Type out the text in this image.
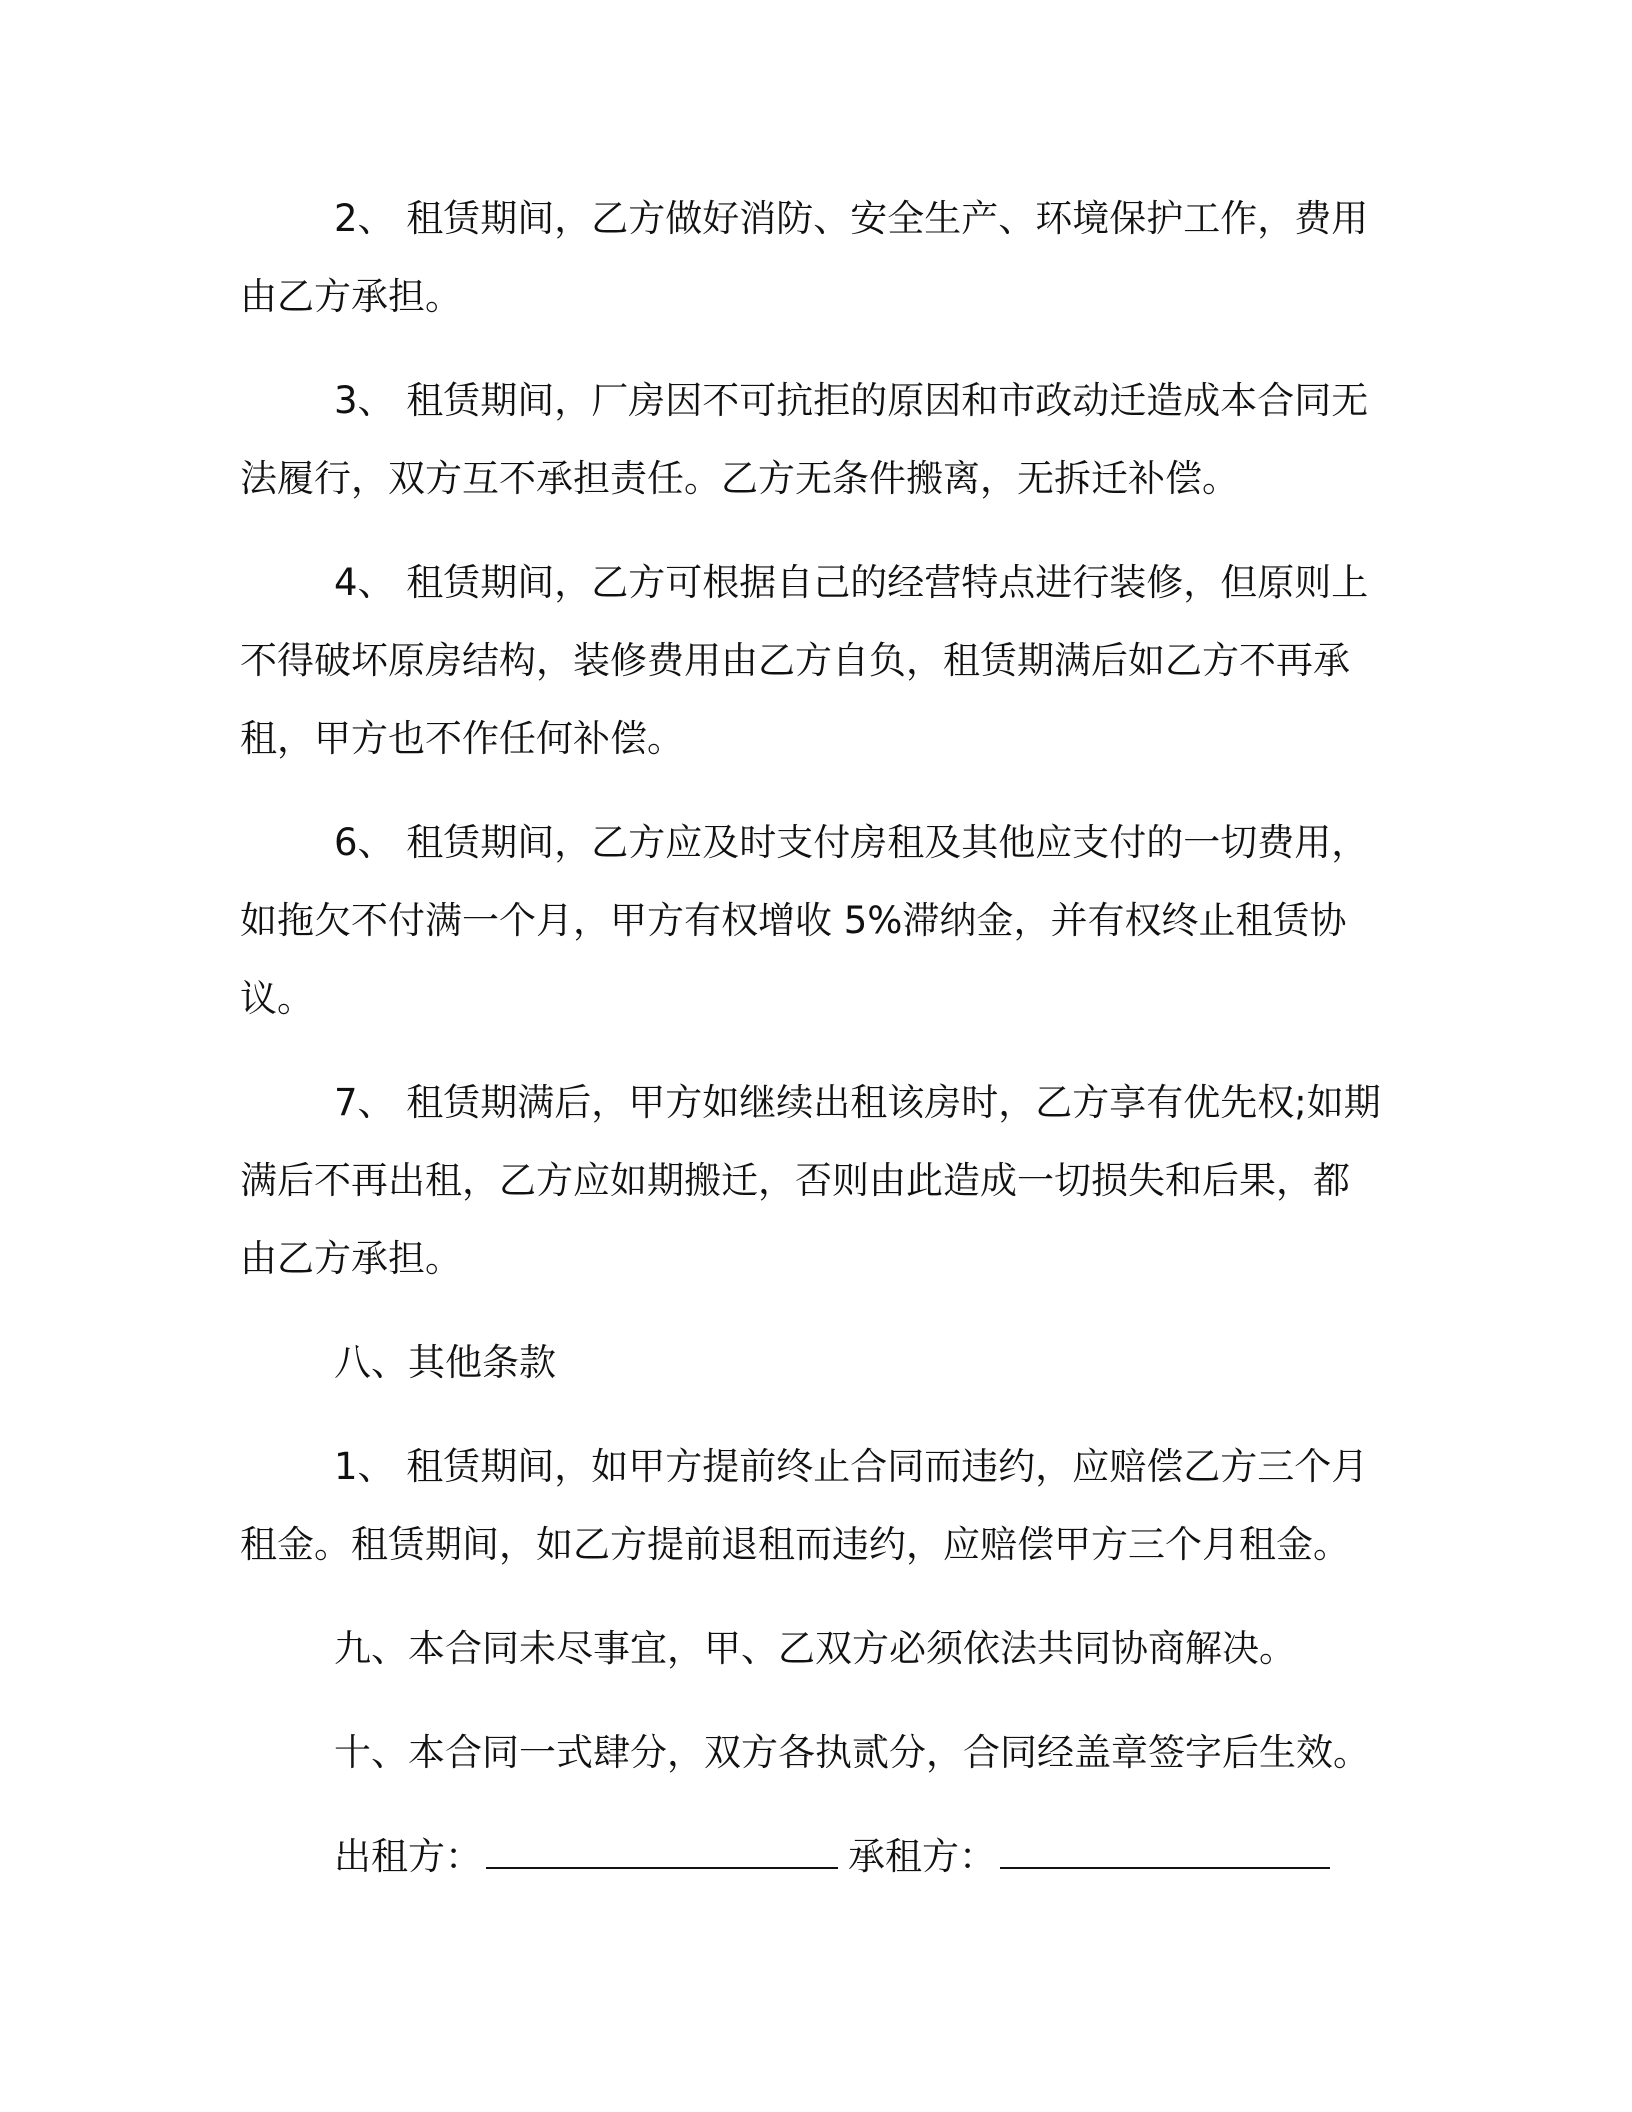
2、 租赁期间，乙方做好消防、安全生产、环境保护工作，费用
由乙方承担。
3、 租赁期间，厂房因不可抗拒的原因和市政动迁造成本合同无
法履行，双方互不承担责任。乙方无条件搬离，无拆迁补偿。
4、 租赁期间，乙方可根据自己的经营特点进行装修，但原则上
不得破坏原房结构，装修费用由乙方自负，租赁期满后如乙方不再承
租，甲方也不作任何补偿。
6、 租赁期间，乙方应及时支付房租及其他应支付的一切费用，
如拖欠不付满一个月，甲方有权增收 5%滞纳金，并有权终止租赁协议。
7、 租赁期满后，甲方如继续出租该房时，乙方享有优先权;如期
满后不再出租，乙方应如期搬迁，否则由此造成一切损失和后果，都
由乙方承担。
八、其他条款
1、 租赁期间，如甲方提前终止合同而违约，应赔偿乙方三个月
租金。租赁期间，如乙方提前退租而违约，应赔偿甲方三个月租金。
九、本合同未尽事宜，甲、乙双方必须依法共同协商解决。
十、本合同一式肆分，双方各执贰分，合同经盖章签字后生效。
出租方：	承租方：
